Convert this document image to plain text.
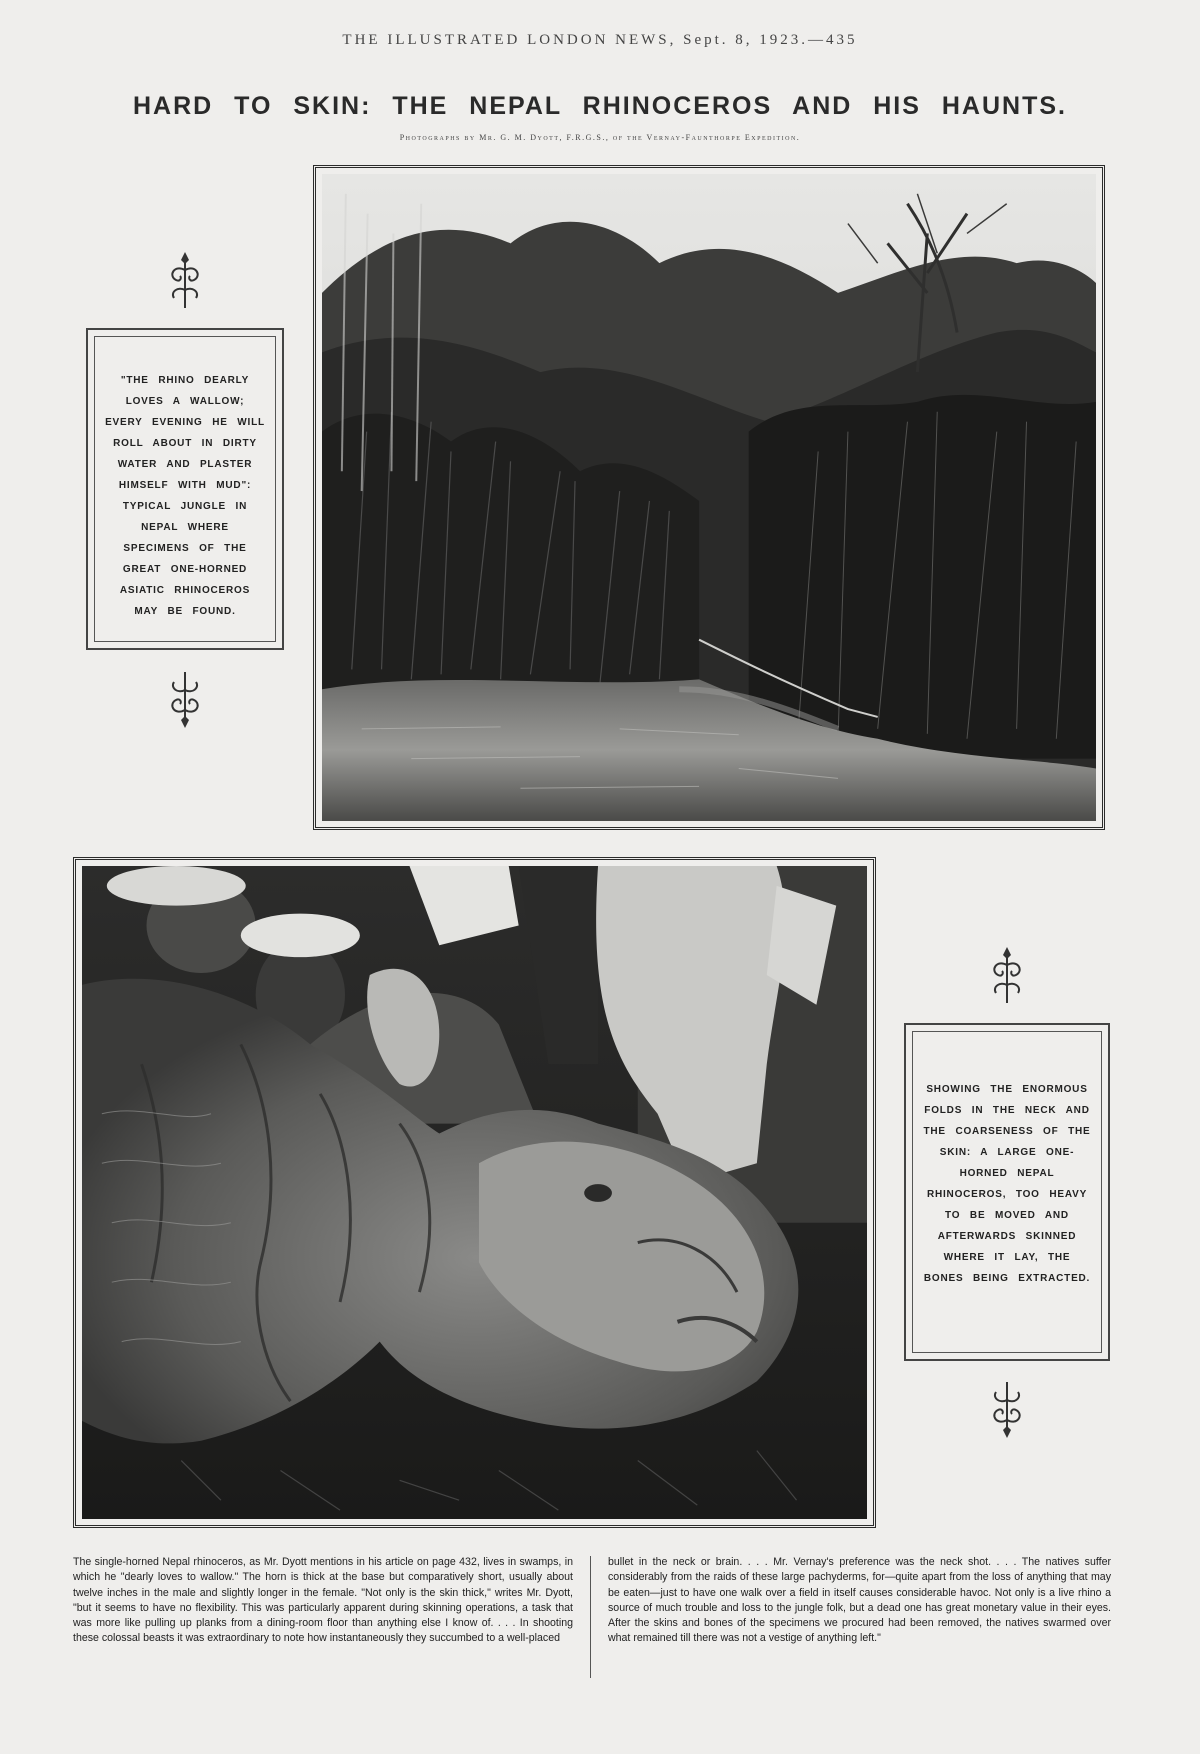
THE ILLUSTRATED LONDON NEWS, Sept. 8, 1923.—435
HARD TO SKIN: THE NEPAL RHINOCEROS AND HIS HAUNTS.
Photographs by Mr. G. M. Dyott, F.R.G.S., of the Vernay-Faunthorpe Expedition.
"THE RHINO DEARLY LOVES A WALLOW; EVERY EVENING HE WILL ROLL ABOUT IN DIRTY WATER AND PLASTER HIMSELF WITH MUD": TYPICAL JUNGLE IN NEPAL WHERE SPECIMENS OF THE GREAT ONE-HORNED ASIATIC RHINOCEROS MAY BE FOUND.
SHOWING THE ENORMOUS FOLDS IN THE NECK AND THE COARSENESS OF THE SKIN: A LARGE ONE-HORNED NEPAL RHINOCEROS, TOO HEAVY TO BE MOVED AND AFTERWARDS SKINNED WHERE IT LAY, THE BONES BEING EXTRACTED.
The single-horned Nepal rhinoceros, as Mr. Dyott mentions in his article on page 432, lives in swamps, in which he "dearly loves to wallow." The horn is thick at the base but comparatively short, usually about twelve inches in the male and slightly longer in the female. "Not only is the skin thick," writes Mr. Dyott, "but it seems to have no flexibility. This was particularly apparent during skinning operations, a task that was more like pulling up planks from a dining-room floor than anything else I know of. . . . In shooting these colossal beasts it was extraordinary to note how instantaneously they succumbed to a well-placed
bullet in the neck or brain. . . . Mr. Vernay's preference was the neck shot. . . . The natives suffer considerably from the raids of these large pachyderms, for—quite apart from the loss of anything that may be eaten—just to have one walk over a field in itself causes considerable havoc. Not only is a live rhino a source of much trouble and loss to the jungle folk, but a dead one has great monetary value in their eyes. After the skins and bones of the specimens we procured had been removed, the natives swarmed over what remained till there was not a vestige of anything left."
